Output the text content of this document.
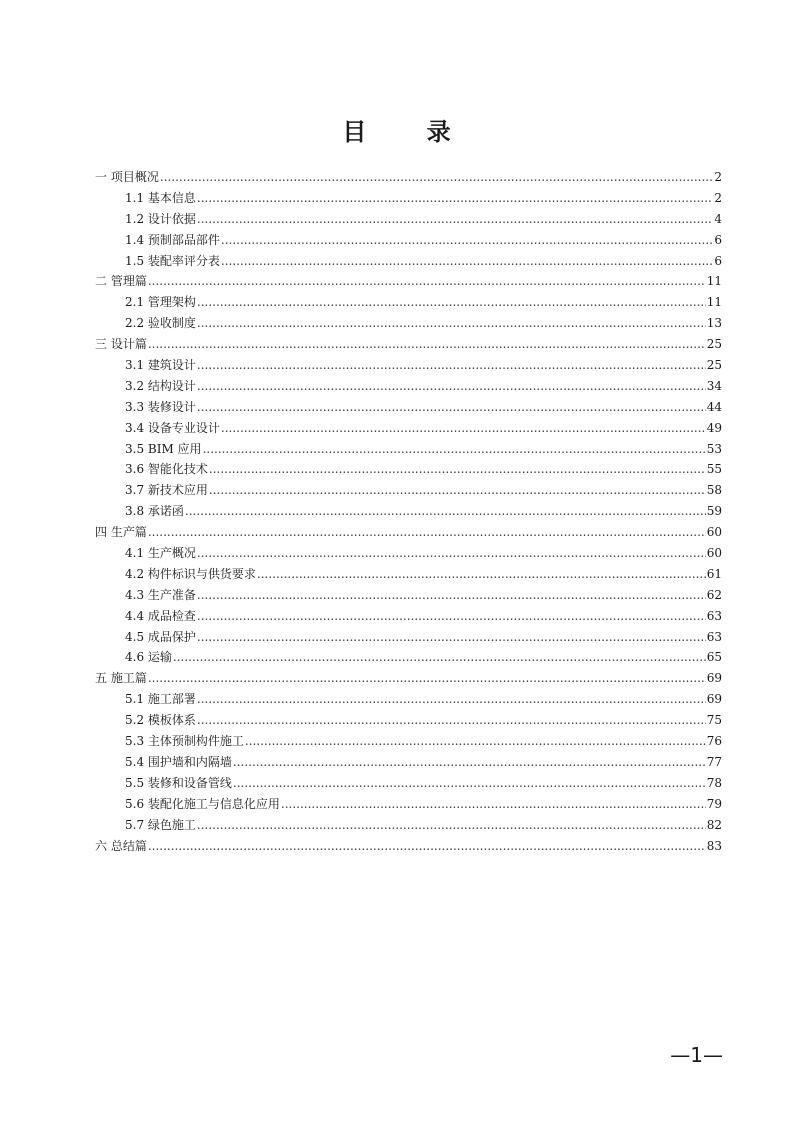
目 录
一 项目概况 .....	2
1.1 基本信息 .....	2
1.2 设计依据 .....	4
1.4 预制部品部件 .....	6
1.5 装配率评分表 .....	6
二 管理篇 .....	11
2.1 管理架构 .....	11
2.2 验收制度 .....	13
三 设计篇 .....	25
3.1 建筑设计 .....	25
3.2 结构设计 .....	34
3.3 装修设计 .....	44
3.4 设备专业设计 .....	49
3.5 BIM 应用 .....	53
3.6 智能化技术 .....	55
3.7 新技术应用 .....	58
3.8 承诺函 .....	59
四 生产篇 .....	60
4.1 生产概况 .....	60
4.2 构件标识与供货要求 .....	61
4.3 生产准备 .....	62
4.4 成品检查 .....	63
4.5 成品保护 .....	63
4.6 运输 .....	65
五 施工篇 .....	69
5.1 施工部署 .....	69
5.2 模板体系 .....	75
5.3 主体预制构件施工 .....	76
5.4 围护墙和内隔墙 .....	77
5.5 装修和设备管线 .....	78
5.6 装配化施工与信息化应用 .....	79
5.7 绿色施工 .....	82
六 总结篇 .....	83
—1—
